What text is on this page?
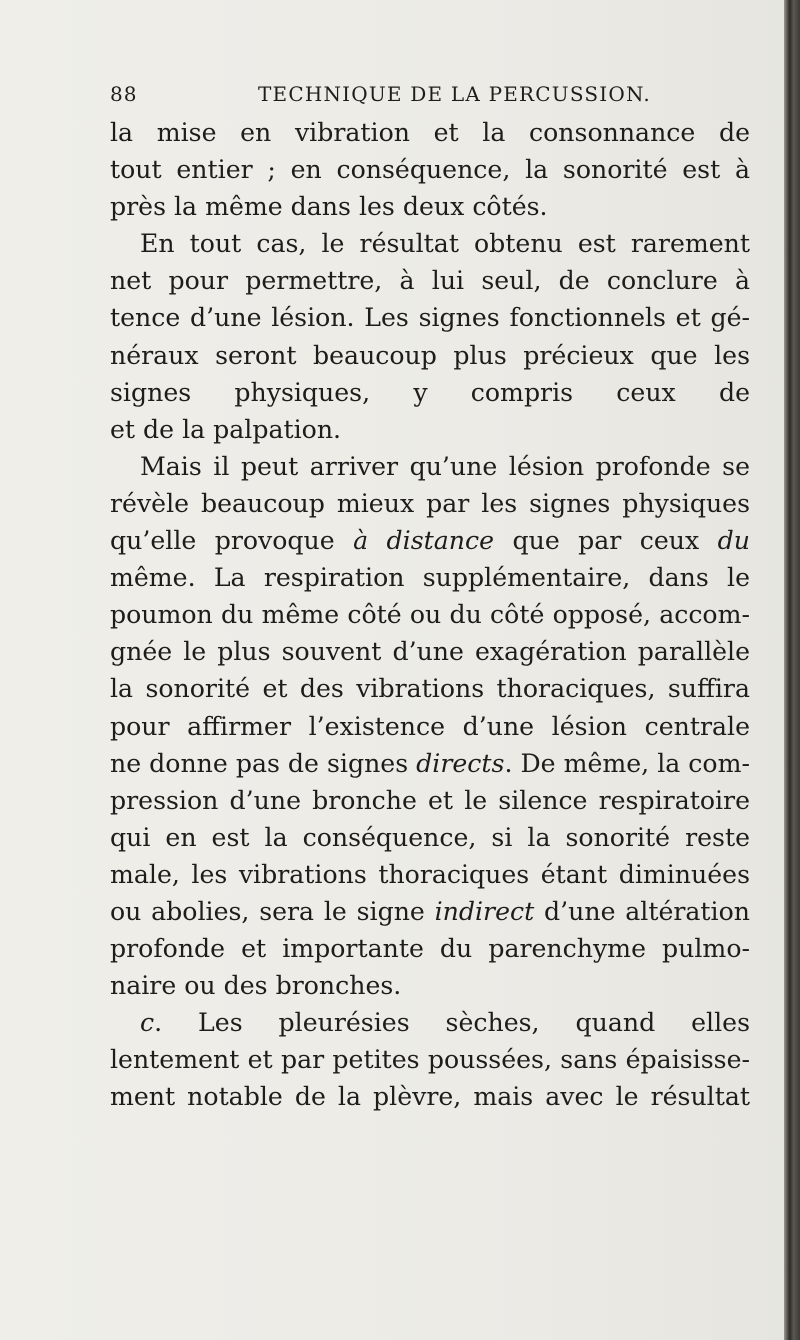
88	TECHNIQUE DE LA PERCUSSION.
la mise en vibration et la consonnance de
tout entier ; en conséquence, la sonorité est à
près la même dans les deux côtés.
En tout cas, le résultat obtenu est rarement
net pour permettre, à lui seul, de conclure à
tence d’une lésion. Les signes fonctionnels et gé-
néraux seront beaucoup plus précieux que les
signes physiques, y compris ceux de
et de la palpation.
Mais il peut arriver qu’une lésion profonde se
révèle beaucoup mieux par les signes physiques
qu’elle provoque à distance que par ceux du
même. La respiration supplémentaire, dans le
poumon du même côté ou du côté opposé, accom-
gnée le plus souvent d’une exagération parallèle
la sonorité et des vibrations thoraciques, suffira
pour affirmer l’existence d’une lésion centrale
ne donne pas de signes directs. De même, la com-
pression d’une bronche et le silence respiratoire
qui en est la conséquence, si la sonorité reste
male, les vibrations thoraciques étant diminuées
ou abolies, sera le signe indirect d’une altération
profonde et importante du parenchyme pulmo-
naire ou des bronches.
c. Les pleurésies sèches, quand elles
lentement et par petites poussées, sans épaisisse-
ment notable de la plèvre, mais avec le résultat
